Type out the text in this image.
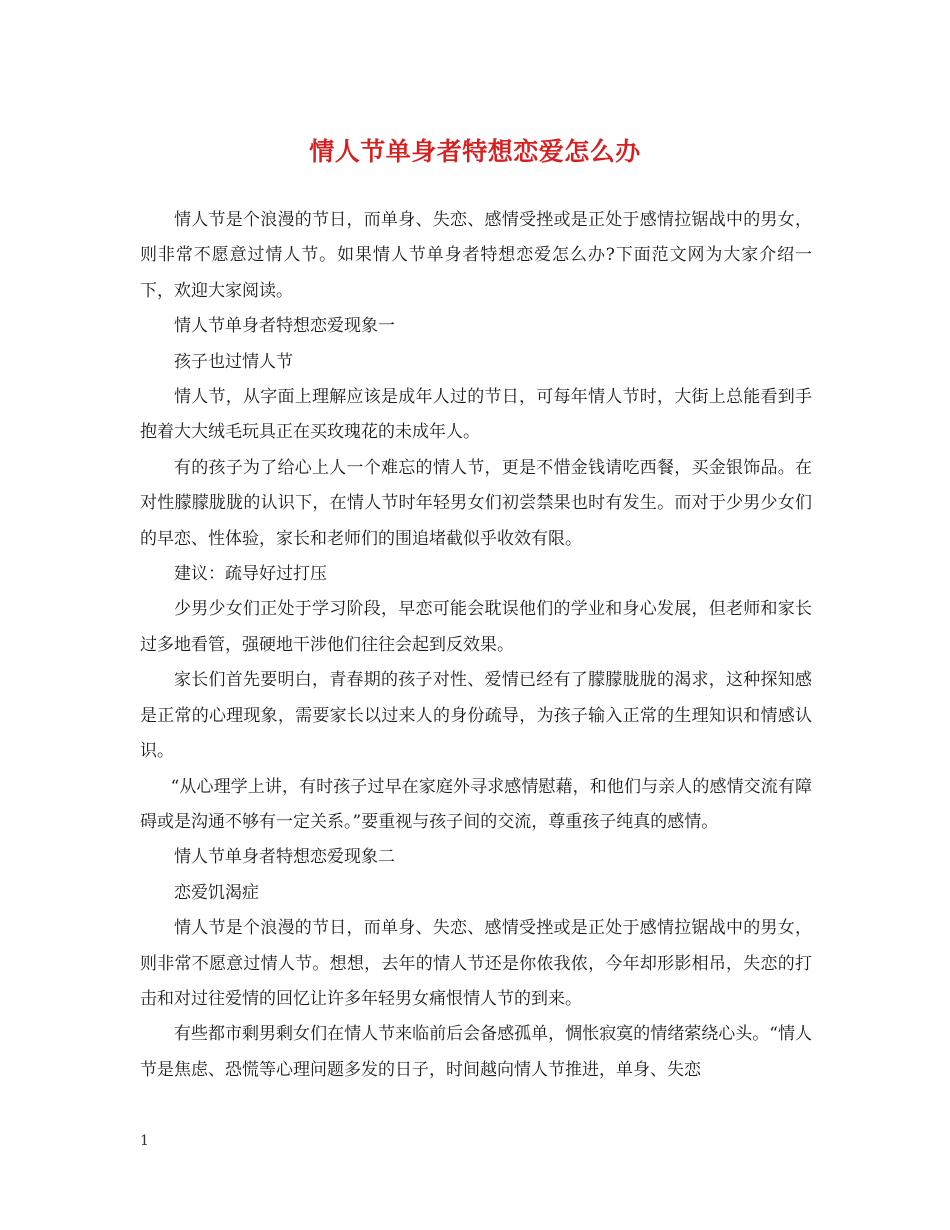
情人节单身者特想恋爱怎么办

情人节是个浪漫的节日，而单身、失恋、感情受挫或是正处于感情拉锯战中的男女，则非常不愿意过情人节。如果情人节单身者特想恋爱怎么办?下面范文网为大家介绍一下，欢迎大家阅读。

情人节单身者特想恋爱现象一

孩子也过情人节

情人节，从字面上理解应该是成年人过的节日，可每年情人节时，大街上总能看到手抱着大大绒毛玩具正在买玫瑰花的未成年人。

有的孩子为了给心上人一个难忘的情人节，更是不惜金钱请吃西餐，买金银饰品。在对性朦朦胧胧的认识下，在情人节时年轻男女们初尝禁果也时有发生。而对于少男少女们的早恋、性体验，家长和老师们的围追堵截似乎收效有限。

建议：疏导好过打压

少男少女们正处于学习阶段，早恋可能会耽误他们的学业和身心发展，但老师和家长过多地看管，强硬地干涉他们往往会起到反效果。

家长们首先要明白，青春期的孩子对性、爱情已经有了朦朦胧胧的渴求，这种探知感是正常的心理现象，需要家长以过来人的身份疏导，为孩子输入正常的生理知识和情感认识。

“从心理学上讲，有时孩子过早在家庭外寻求感情慰藉，和他们与亲人的感情交流有障碍或是沟通不够有一定关系。”要重视与孩子间的交流，尊重孩子纯真的感情。

情人节单身者特想恋爱现象二

恋爱饥渴症

情人节是个浪漫的节日，而单身、失恋、感情受挫或是正处于感情拉锯战中的男女，则非常不愿意过情人节。想想，去年的情人节还是你侬我侬，今年却形影相吊，失恋的打击和对过往爱情的回忆让许多年轻男女痛恨情人节的到来。

有些都市剩男剩女们在情人节来临前后会备感孤单，惆怅寂寞的情绪萦绕心头。“情人节是焦虑、恐慌等心理问题多发的日子，时间越向情人节推进，单身、失恋

1
